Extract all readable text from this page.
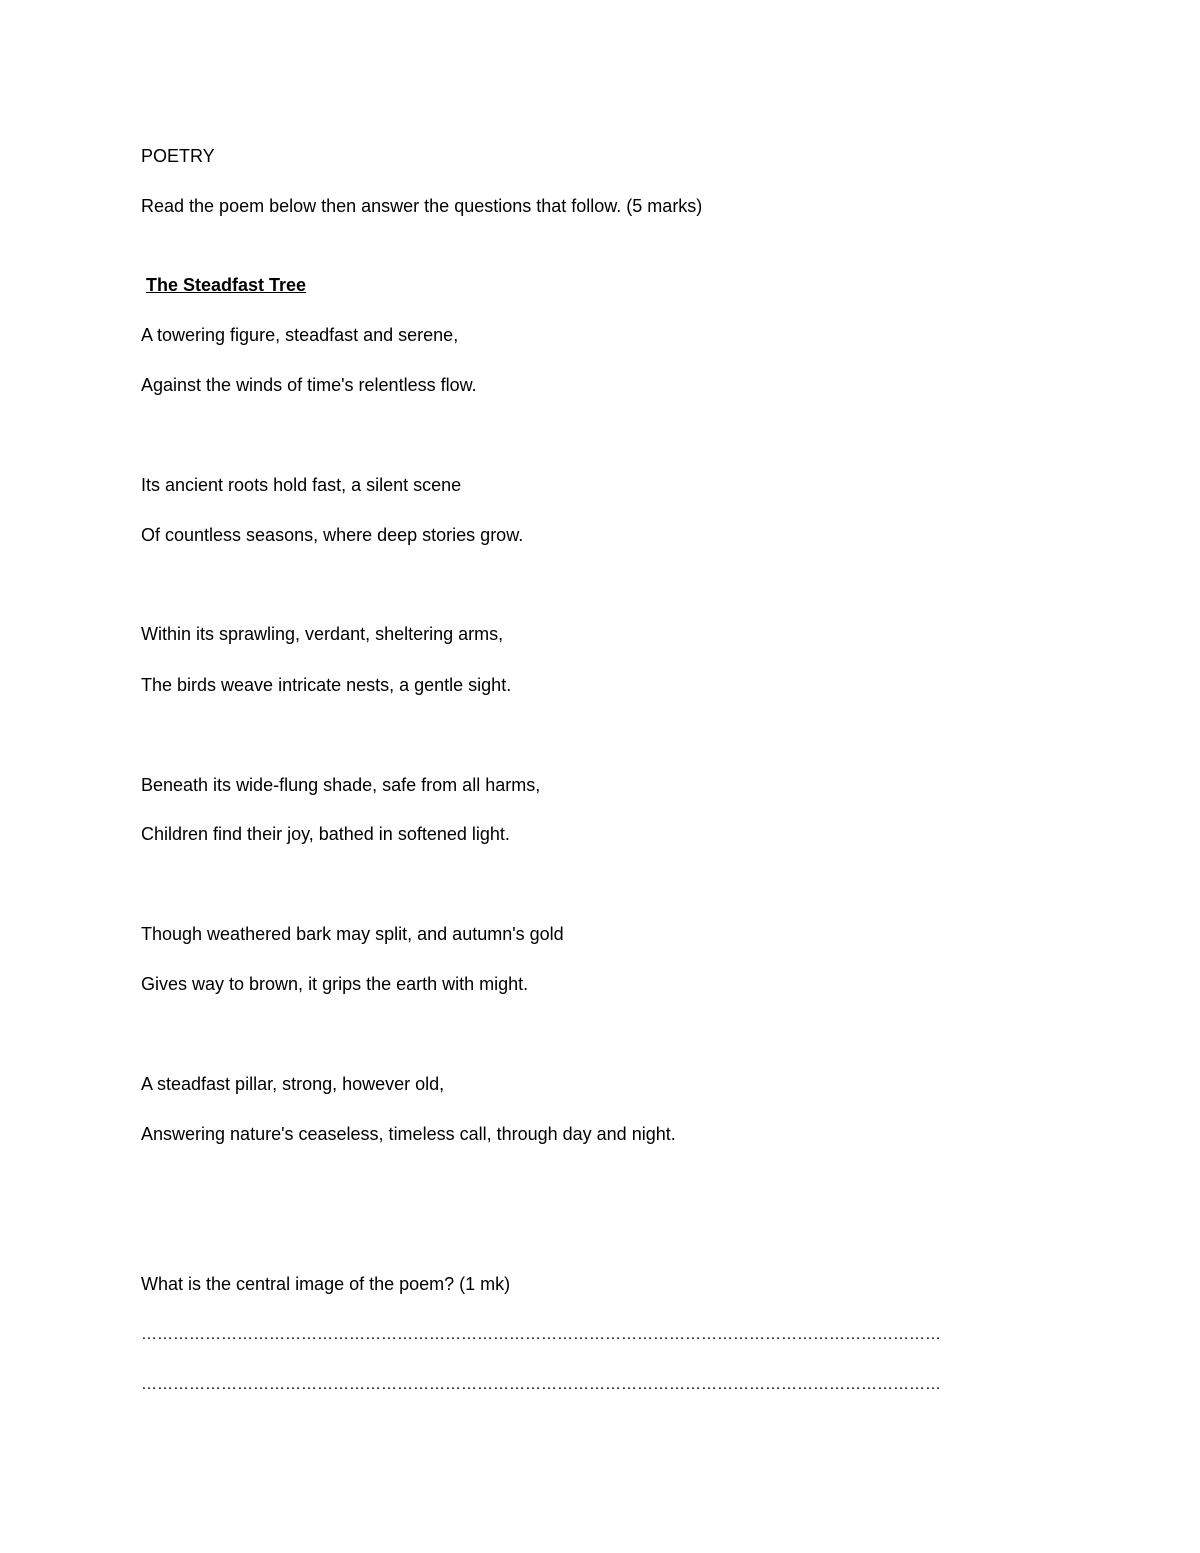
POETRY
Read the poem below then answer the questions that follow. (5 marks)
The Steadfast Tree
A towering figure, steadfast and serene,
Against the winds of time's relentless flow.
Its ancient roots hold fast, a silent scene
Of countless seasons, where deep stories grow.
Within its sprawling, verdant, sheltering arms,
The birds weave intricate nests, a gentle sight.
Beneath its wide-flung shade, safe from all harms,
Children find their joy, bathed in softened light.
Though weathered bark may split, and autumn's gold
Gives way to brown, it grips the earth with might.
A steadfast pillar, strong, however old,
Answering nature's ceaseless, timeless call, through day and night.
What is the central image of the poem? (1 mk)
……………………………………………………………………………………………………………………………………
……………………………………………………………………………………………………………………………………
